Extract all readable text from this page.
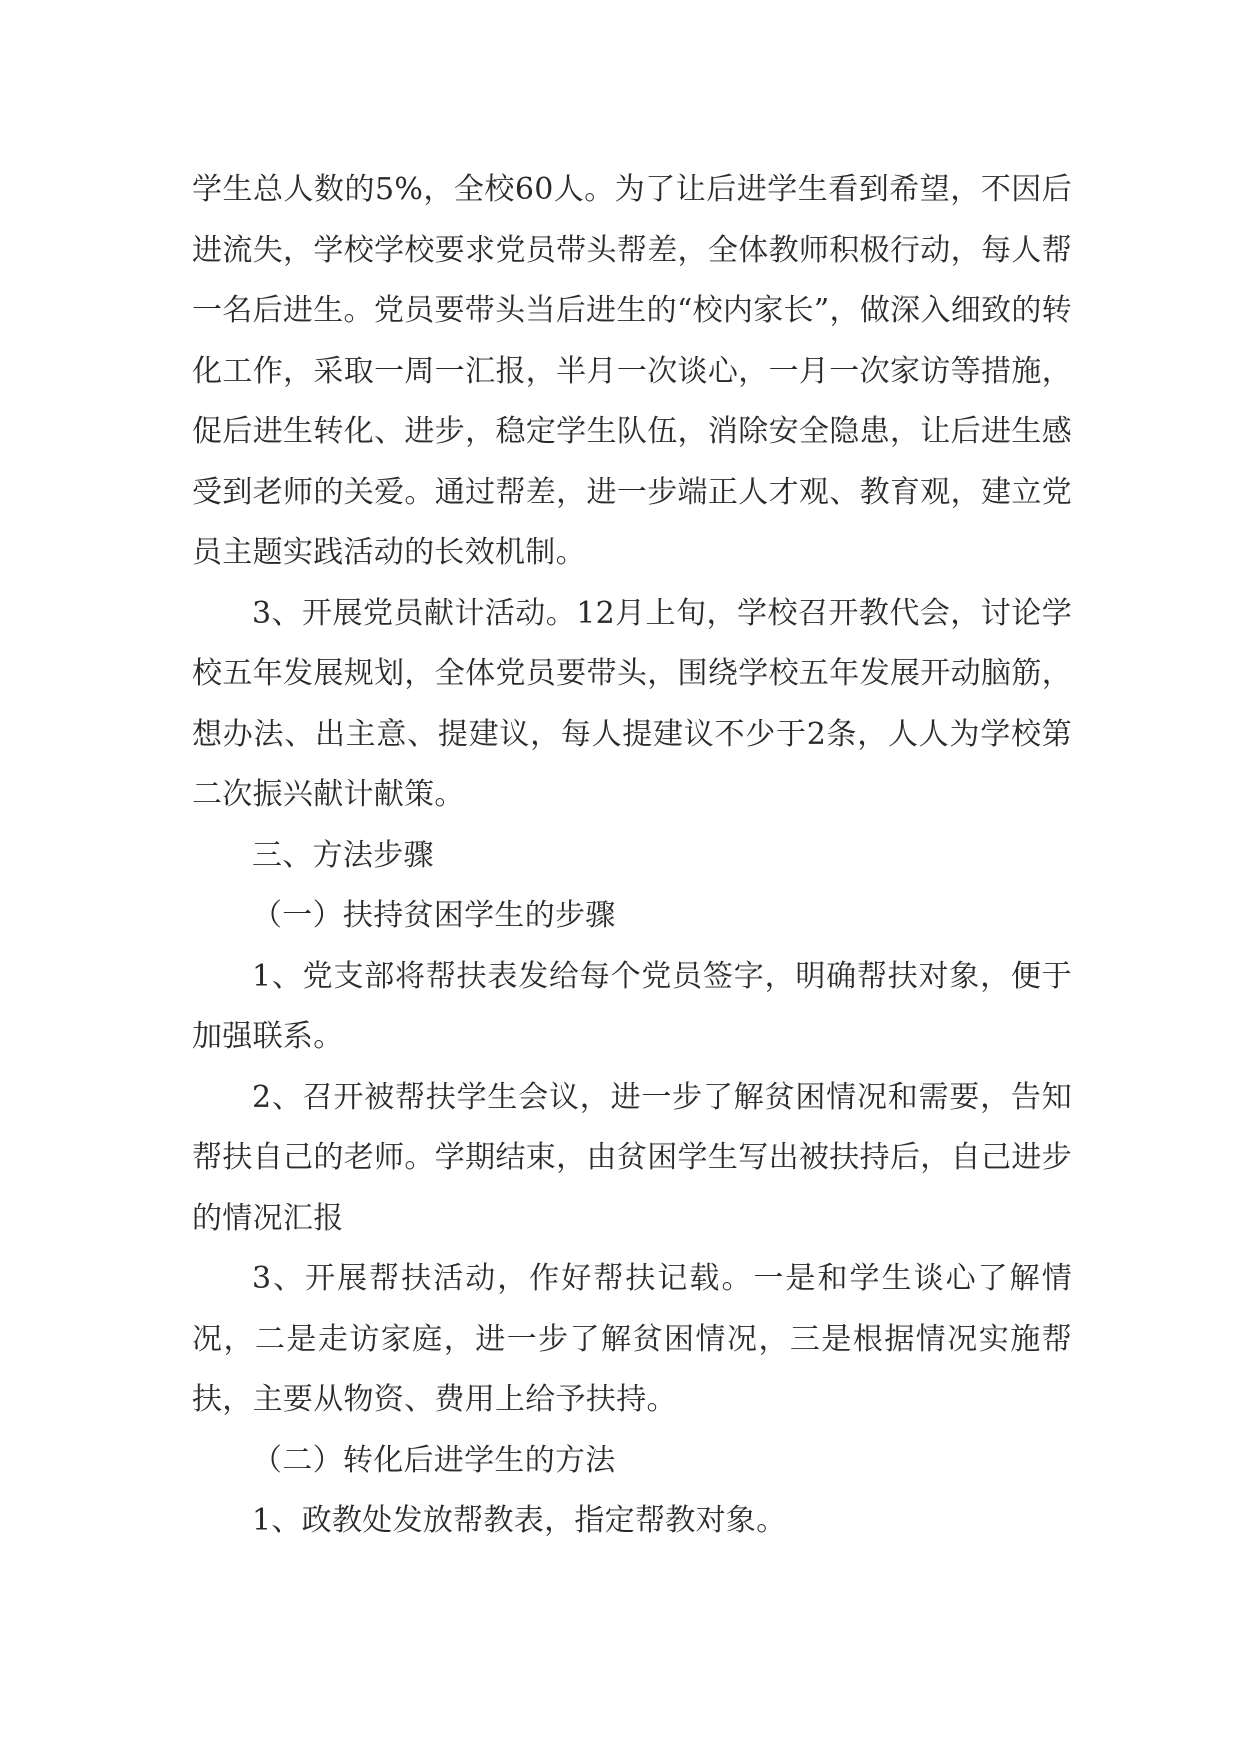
学生总人数的5%，全校60人。为了让后进学生看到希望，不因后进流失，学校学校要求党员带头帮差，全体教师积极行动，每人帮一名后进生。党员要带头当后进生的“校内家长”，做深入细致的转化工作，采取一周一汇报，半月一次谈心，一月一次家访等措施，促后进生转化、进步，稳定学生队伍，消除安全隐患，让后进生感受到老师的关爱。通过帮差，进一步端正人才观、教育观，建立党员主题实践活动的长效机制。

3、开展党员献计活动。12月上旬，学校召开教代会，讨论学校五年发展规划，全体党员要带头，围绕学校五年发展开动脑筋，想办法、出主意、提建议，每人提建议不少于2条，人人为学校第二次振兴献计献策。

三、方法步骤

（一）扶持贫困学生的步骤

1、党支部将帮扶表发给每个党员签字，明确帮扶对象，便于加强联系。

2、召开被帮扶学生会议，进一步了解贫困情况和需要，告知帮扶自己的老师。学期结束，由贫困学生写出被扶持后，自己进步的情况汇报

3、开展帮扶活动，作好帮扶记载。一是和学生谈心了解情况，二是走访家庭，进一步了解贫困情况，三是根据情况实施帮扶，主要从物资、费用上给予扶持。

（二）转化后进学生的方法

1、政教处发放帮教表，指定帮教对象。
